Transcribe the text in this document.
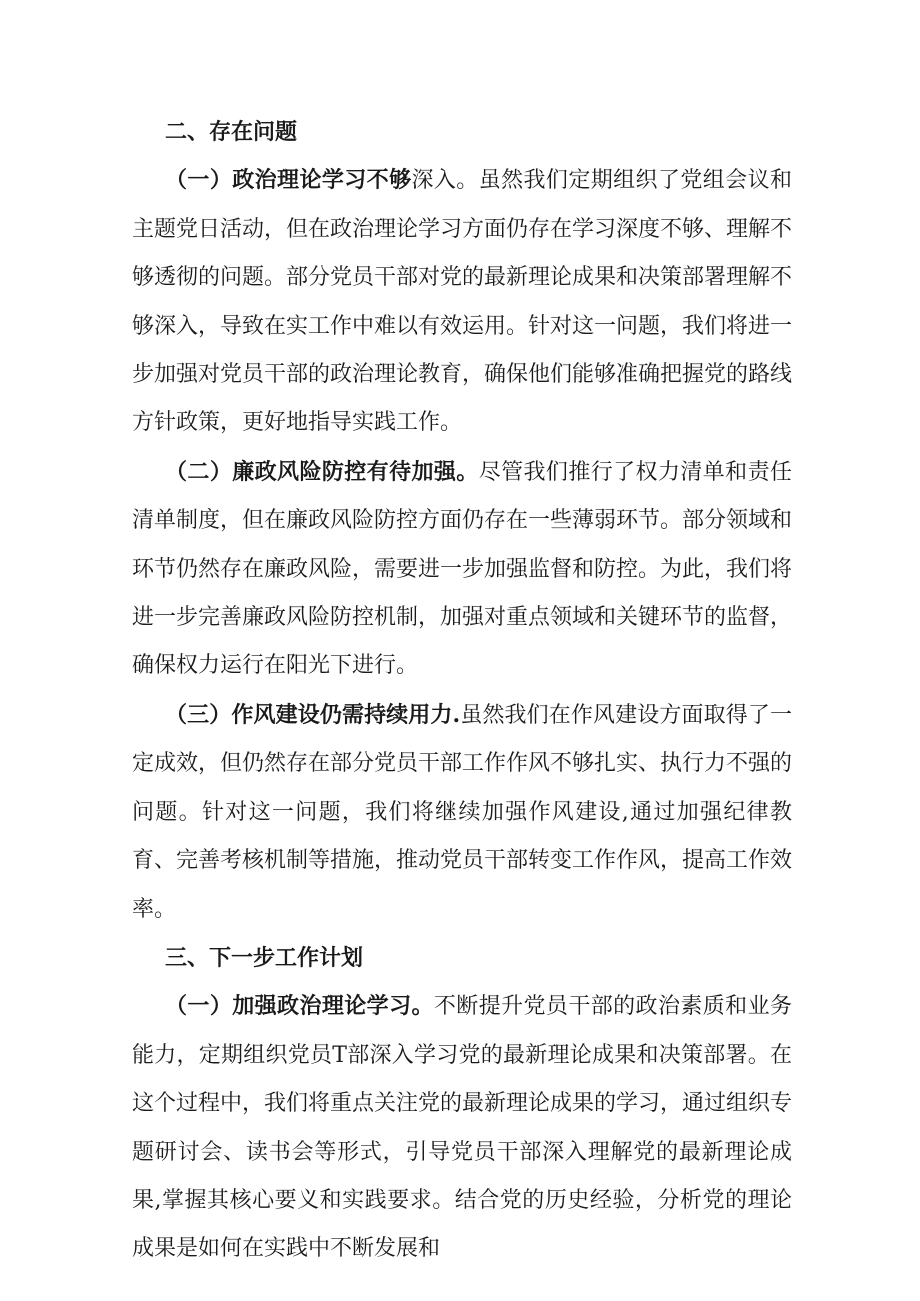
二、存在问题

（一）政治理论学习不够深入。虽然我们定期组织了党组会议和主题党日活动，但在政治理论学习方面仍存在学习深度不够、理解不够透彻的问题。部分党员干部对党的最新理论成果和决策部署理解不够深入，导致在实工作中难以有效运用。针对这一问题，我们将进一步加强对党员干部的政治理论教育，确保他们能够准确把握党的路线方针政策，更好地指导实践工作。

（二）廉政风险防控有待加强。尽管我们推行了权力清单和责任清单制度，但在廉政风险防控方面仍存在一些薄弱环节。部分领域和环节仍然存在廉政风险，需要进一步加强监督和防控。为此，我们将进一步完善廉政风险防控机制，加强对重点领域和关键环节的监督，确保权力运行在阳光下进行。

（三）作风建设仍需持续用力.虽然我们在作风建设方面取得了一定成效，但仍然存在部分党员干部工作作风不够扎实、执行力不强的问题。针对这一问题，我们将继续加强作风建设,通过加强纪律教育、完善考核机制等措施，推动党员干部转变工作作风，提高工作效率。

三、下一步工作计划

（一）加强政治理论学习。不断提升党员干部的政治素质和业务能力，定期组织党员T部深入学习党的最新理论成果和决策部署。在这个过程中，我们将重点关注党的最新理论成果的学习，通过组织专题研讨会、读书会等形式，引导党员干部深入理解党的最新理论成果,掌握其核心要义和实践要求。结合党的历史经验，分析党的理论成果是如何在实践中不断发展和
